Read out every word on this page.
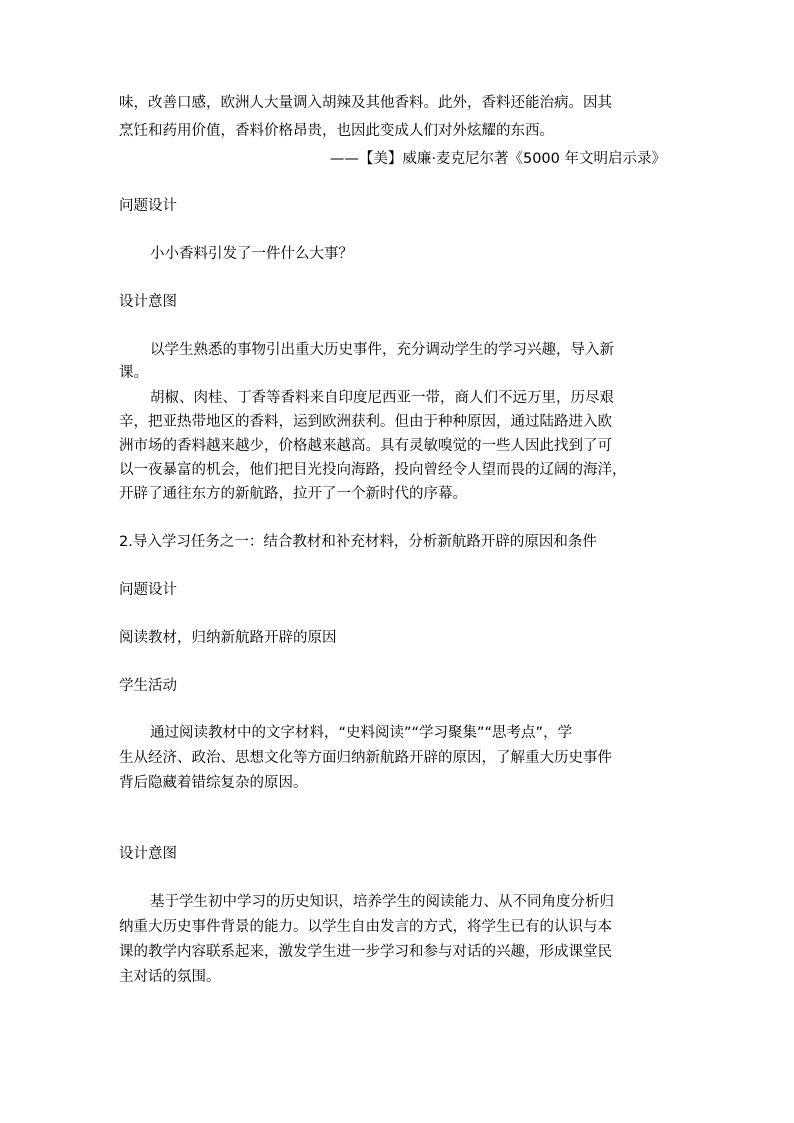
味，改善口感，欧洲人大量调入胡辣及其他香料。此外，香料还能治病。因其
烹饪和药用价值，香料价格昂贵，也因此变成人们对外炫耀的东西。
——【美】威廉·麦克尼尔著《5000 年文明启示录》
问题设计
小小香料引发了一件什么大事？
设计意图
以学生熟悉的事物引出重大历史事件，充分调动学生的学习兴趣，导入新
课。
胡椒、肉桂、丁香等香料来自印度尼西亚一带，商人们不远万里，历尽艰
辛，把亚热带地区的香料，运到欧洲获利。但由于种种原因，通过陆路进入欧
洲市场的香料越来越少，价格越来越高。具有灵敏嗅觉的一些人因此找到了可
以一夜暴富的机会，他们把目光投向海路，投向曾经令人望而畏的辽阔的海洋，
开辟了通往东方的新航路，拉开了一个新时代的序幕。
2.导入学习任务之一：结合教材和补充材料，分析新航路开辟的原因和条件
问题设计
阅读教材，归纳新航路开辟的原因
学生活动
通过阅读教材中的文字材料，“史料阅读”“学习聚集”“思考点”，学
生从经济、政治、思想文化等方面归纳新航路开辟的原因，了解重大历史事件
背后隐藏着错综复杂的原因。
设计意图
基于学生初中学习的历史知识，培养学生的阅读能力、从不同角度分析归
纳重大历史事件背景的能力。以学生自由发言的方式，将学生已有的认识与本
课的教学内容联系起来，激发学生进一步学习和参与对话的兴趣，形成课堂民
主对话的氛围。
